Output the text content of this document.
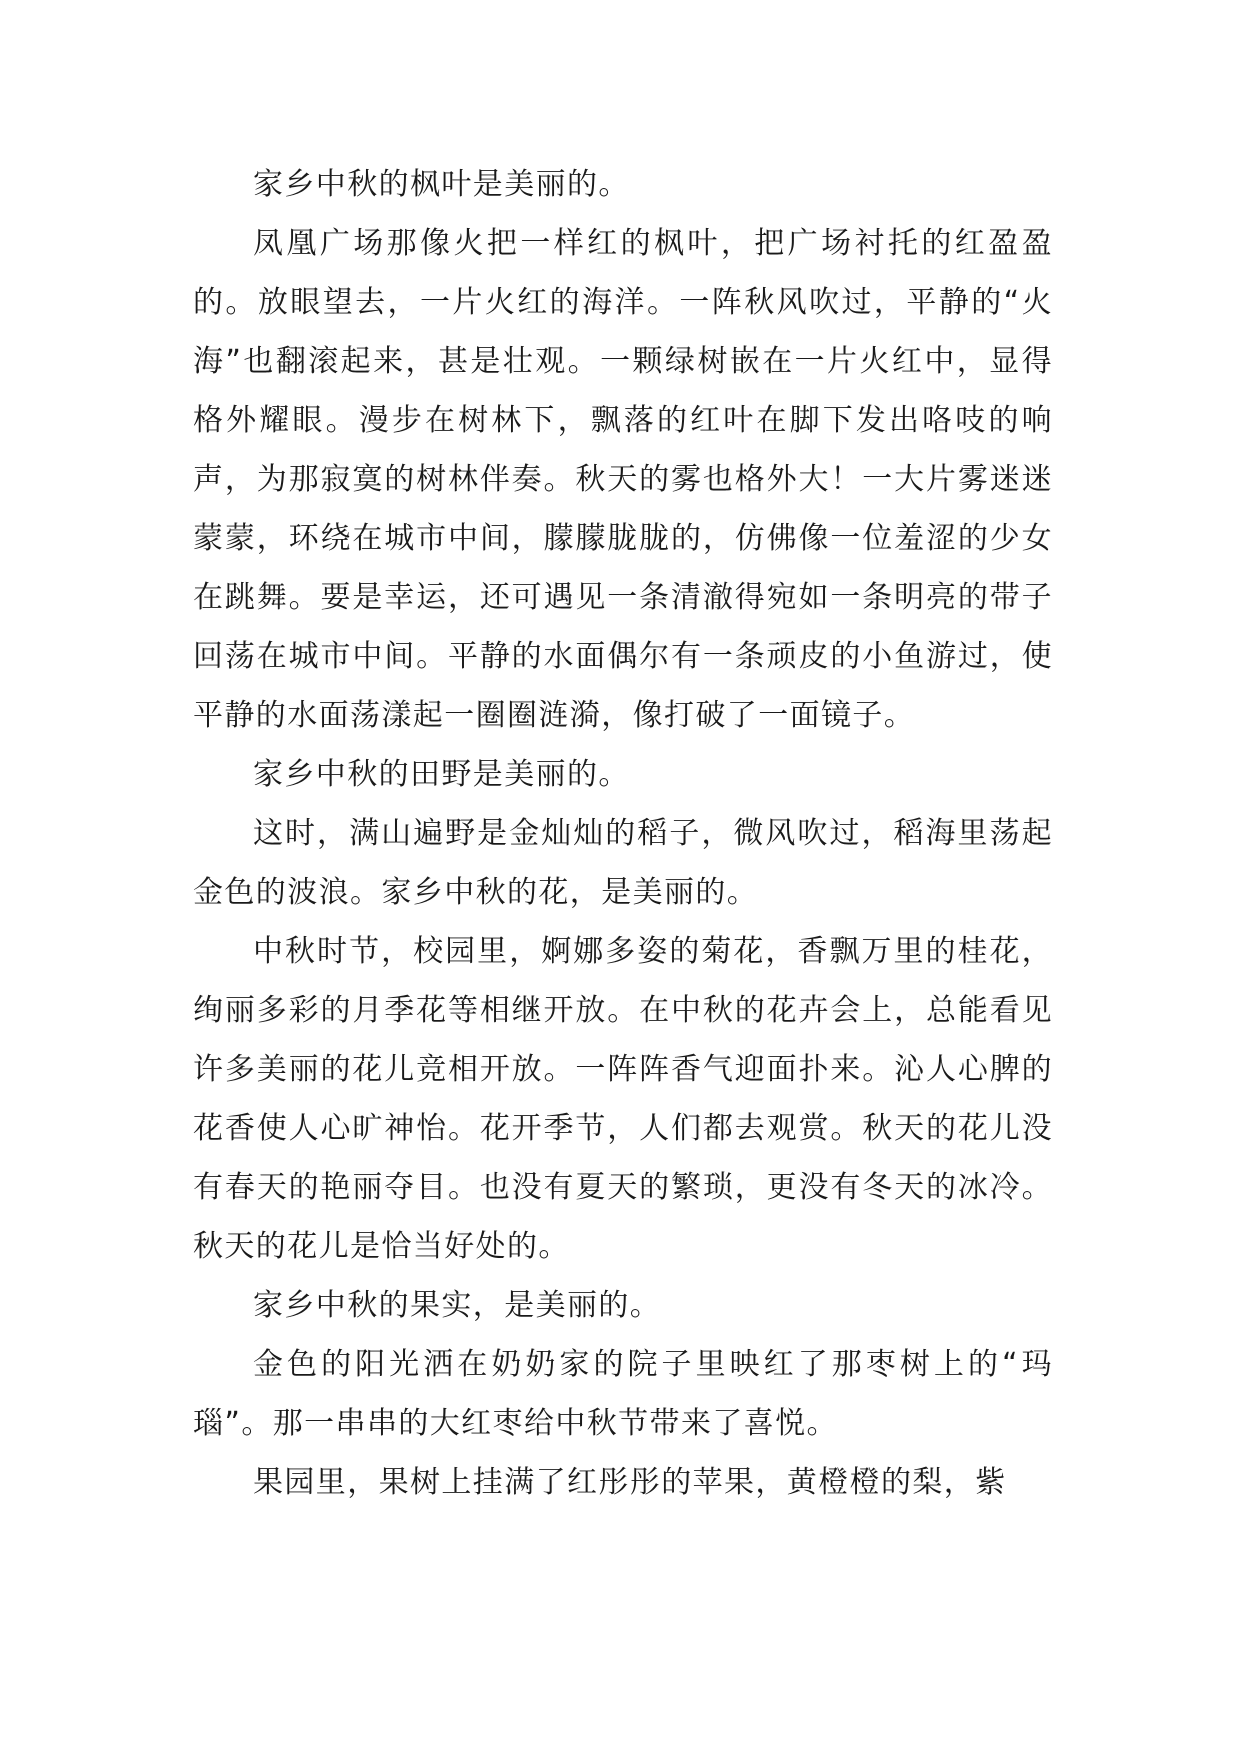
家乡中秋的枫叶是美丽的。

凤凰广场那像火把一样红的枫叶，把广场衬托的红盈盈的。放眼望去，一片火红的海洋。一阵秋风吹过，平静的“火海”也翻滚起来，甚是壮观。一颗绿树嵌在一片火红中，显得格外耀眼。漫步在树林下，飘落的红叶在脚下发出咯吱的响声，为那寂寞的树林伴奏。秋天的雾也格外大！一大片雾迷迷蒙蒙，环绕在城市中间，朦朦胧胧的，仿佛像一位羞涩的少女在跳舞。要是幸运，还可遇见一条清澈得宛如一条明亮的带子回荡在城市中间。平静的水面偶尔有一条顽皮的小鱼游过，使平静的水面荡漾起一圈圈涟漪，像打破了一面镜子。

家乡中秋的田野是美丽的。

这时，满山遍野是金灿灿的稻子，微风吹过，稻海里荡起金色的波浪。家乡中秋的花，是美丽的。

中秋时节，校园里，婀娜多姿的菊花，香飘万里的桂花，绚丽多彩的月季花等相继开放。在中秋的花卉会上，总能看见许多美丽的花儿竞相开放。一阵阵香气迎面扑来。沁人心脾的花香使人心旷神怡。花开季节，人们都去观赏。秋天的花儿没有春天的艳丽夺目。也没有夏天的繁琐，更没有冬天的冰冷。秋天的花儿是恰当好处的。

家乡中秋的果实，是美丽的。

金色的阳光洒在奶奶家的院子里映红了那枣树上的“玛瑙”。那一串串的大红枣给中秋节带来了喜悦。

果园里，果树上挂满了红彤彤的苹果，黄橙橙的梨，紫
